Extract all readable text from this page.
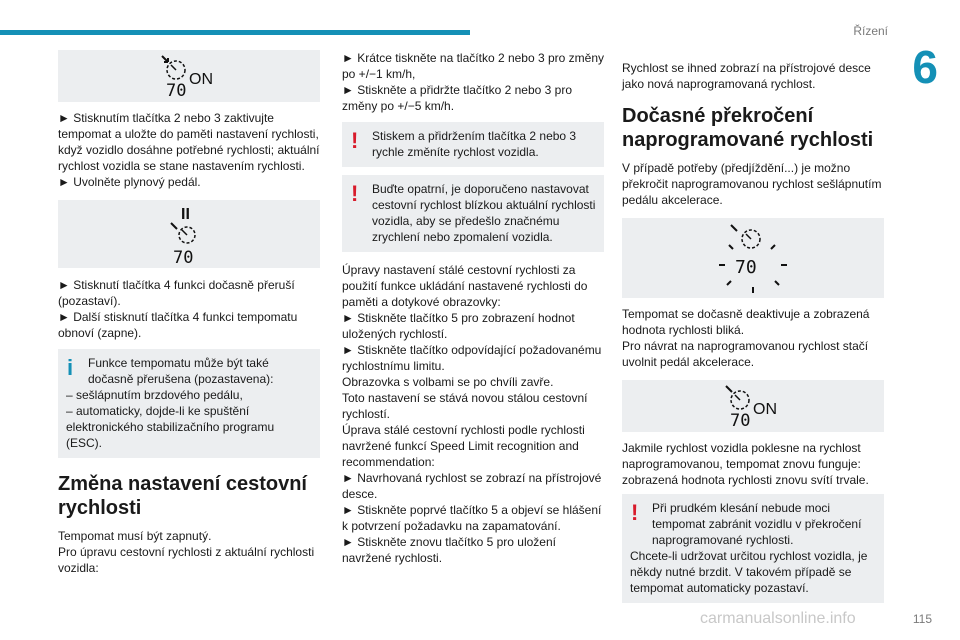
Řízení
6
70
ON

► Stisknutím tlačítka 2 nebo 3 zaktivujte tempomat a uložte do paměti nastavení rychlosti, když vozidlo dosáhne potřebné rychlosti; aktuální rychlost vozidla se stane nastavením rychlosti.

► Uvolněte plynový pedál.

II
70

► Stisknutí tlačítka 4 funkci dočasně přeruší (pozastaví).

► Další stisknutí tlačítka 4 funkci tempomatu obnoví (zapne).

i	Funkce tempomatu může být také dočasně přerušena (pozastavena):

– sešlápnutím brzdového pedálu,

– automaticky, dojde-li ke spuštění elektronického stabilizačního programu (ESC).

Změna nastavení cestovní rychlosti

Tempomat musí být zapnutý.

Pro úpravu cestovní rychlosti z aktuální rychlosti vozidla:

► Krátce tiskněte na tlačítko 2 nebo 3 pro změny po +/−1 km/h,

► Stiskněte a přidržte tlačítko 2 nebo 3 pro změny po +/−5 km/h.

!	Stiskem a přidržením tlačítka 2 nebo 3 rychle změníte rychlost vozidla.

!	Buďte opatrní, je doporučeno nastavovat cestovní rychlost blízkou aktuální rychlosti vozidla, aby se předešlo značnému zrychlení nebo zpomalení vozidla.

Úpravy nastavení stálé cestovní rychlosti za použití funkce ukládání nastavené rychlosti do paměti a dotykové obrazovky:

► Stiskněte tlačítko 5 pro zobrazení hodnot uložených rychlostí.

► Stiskněte tlačítko odpovídající požadovanému rychlostnímu limitu.

Obrazovka s volbami se po chvíli zavře.

Toto nastavení se stává novou stálou cestovní rychlostí.

Úprava stálé cestovní rychlosti podle rychlosti navržené funkcí Speed Limit recognition and recommendation:

► Navrhovaná rychlost se zobrazí na přístrojové desce.

► Stiskněte poprvé tlačítko 5 a objeví se hlášení k potvrzení požadavku na zapamatování.

► Stiskněte znovu tlačítko 5 pro uložení navržené rychlosti.

Rychlost se ihned zobrazí na přístrojové desce jako nová naprogramovaná rychlost.

Dočasné překročení naprogramované rychlosti

V případě potřeby (předjíždění...) je možno překročit naprogramovanou rychlost sešlápnutím pedálu akcelerace.

70

Tempomat se dočasně deaktivuje a zobrazená hodnota rychlosti bliká.

Pro návrat na naprogramovanou rychlost stačí uvolnit pedál akcelerace.

70
ON

Jakmile rychlost vozidla poklesne na rychlost naprogramovanou, tempomat znovu funguje: zobrazená hodnota rychlosti znovu svítí trvale.

!	Při prudkém klesání nebude moci tempomat zabránit vozidlu v překročení naprogramované rychlosti.

Chcete-li udržovat určitou rychlost vozidla, je někdy nutné brzdit. V takovém případě se tempomat automaticky pozastaví.

carmanualsonline.info	115
